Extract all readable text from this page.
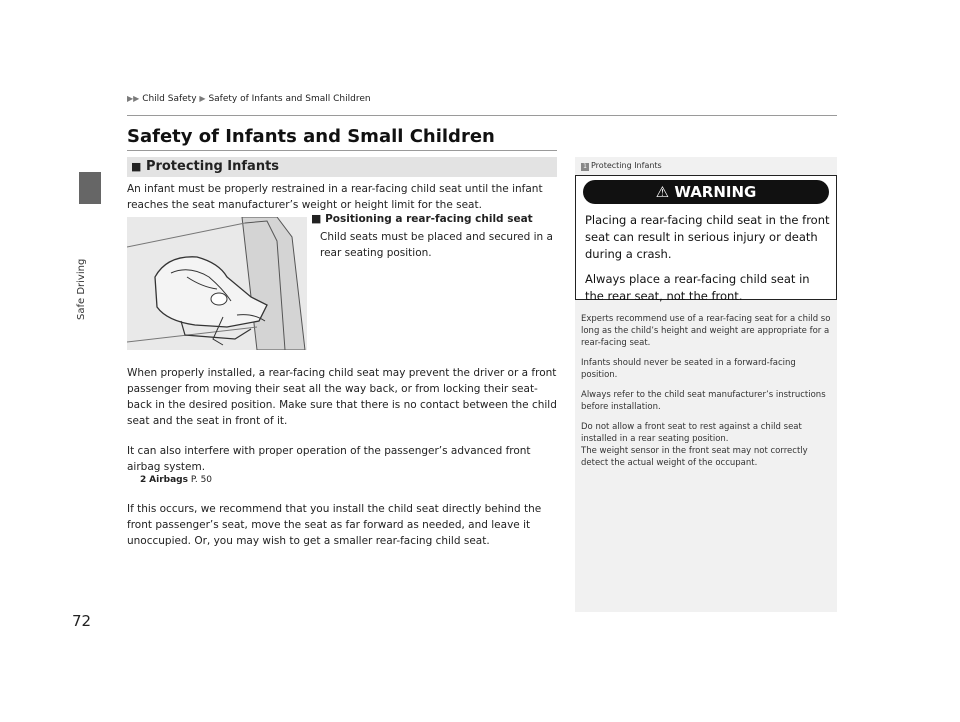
Safe Driving
72
▶▶ Child Safety ▶ Safety of Infants and Small Children
Safety of Infants and Small Children
■ Protecting Infants

An infant must be properly restrained in a rear-facing child seat until the infant reaches the seat manufacturer’s weight or height limit for the seat.

■ Positioning a rear-facing child seat

Child seats must be placed and secured in a rear seating position.

When properly installed, a rear-facing child seat may prevent the driver or a front passenger from moving their seat all the way back, or from locking their seat-back in the desired position. Make sure that there is no contact between the child seat and the seat in front of it.

It can also interfere with proper operation of the passenger’s advanced front airbag system.

2 Airbags P. 50

If this occurs, we recommend that you install the child seat directly behind the front passenger’s seat, move the seat as far forward as needed, and leave it unoccupied. Or, you may wish to get a smaller rear-facing child seat.

1 Protecting Infants
⚠ WARNING

Placing a rear-facing child seat in the front seat can result in serious injury or death during a crash.

Always place a rear-facing child seat in the rear seat, not the front.

Experts recommend use of a rear-facing seat for a child so long as the child’s height and weight are appropriate for a rear-facing seat.

Infants should never be seated in a forward-facing position.

Always refer to the child seat manufacturer’s instructions before installation.

Do not allow a front seat to rest against a child seat installed in a rear seating position.

The weight sensor in the front seat may not correctly detect the actual weight of the occupant.
